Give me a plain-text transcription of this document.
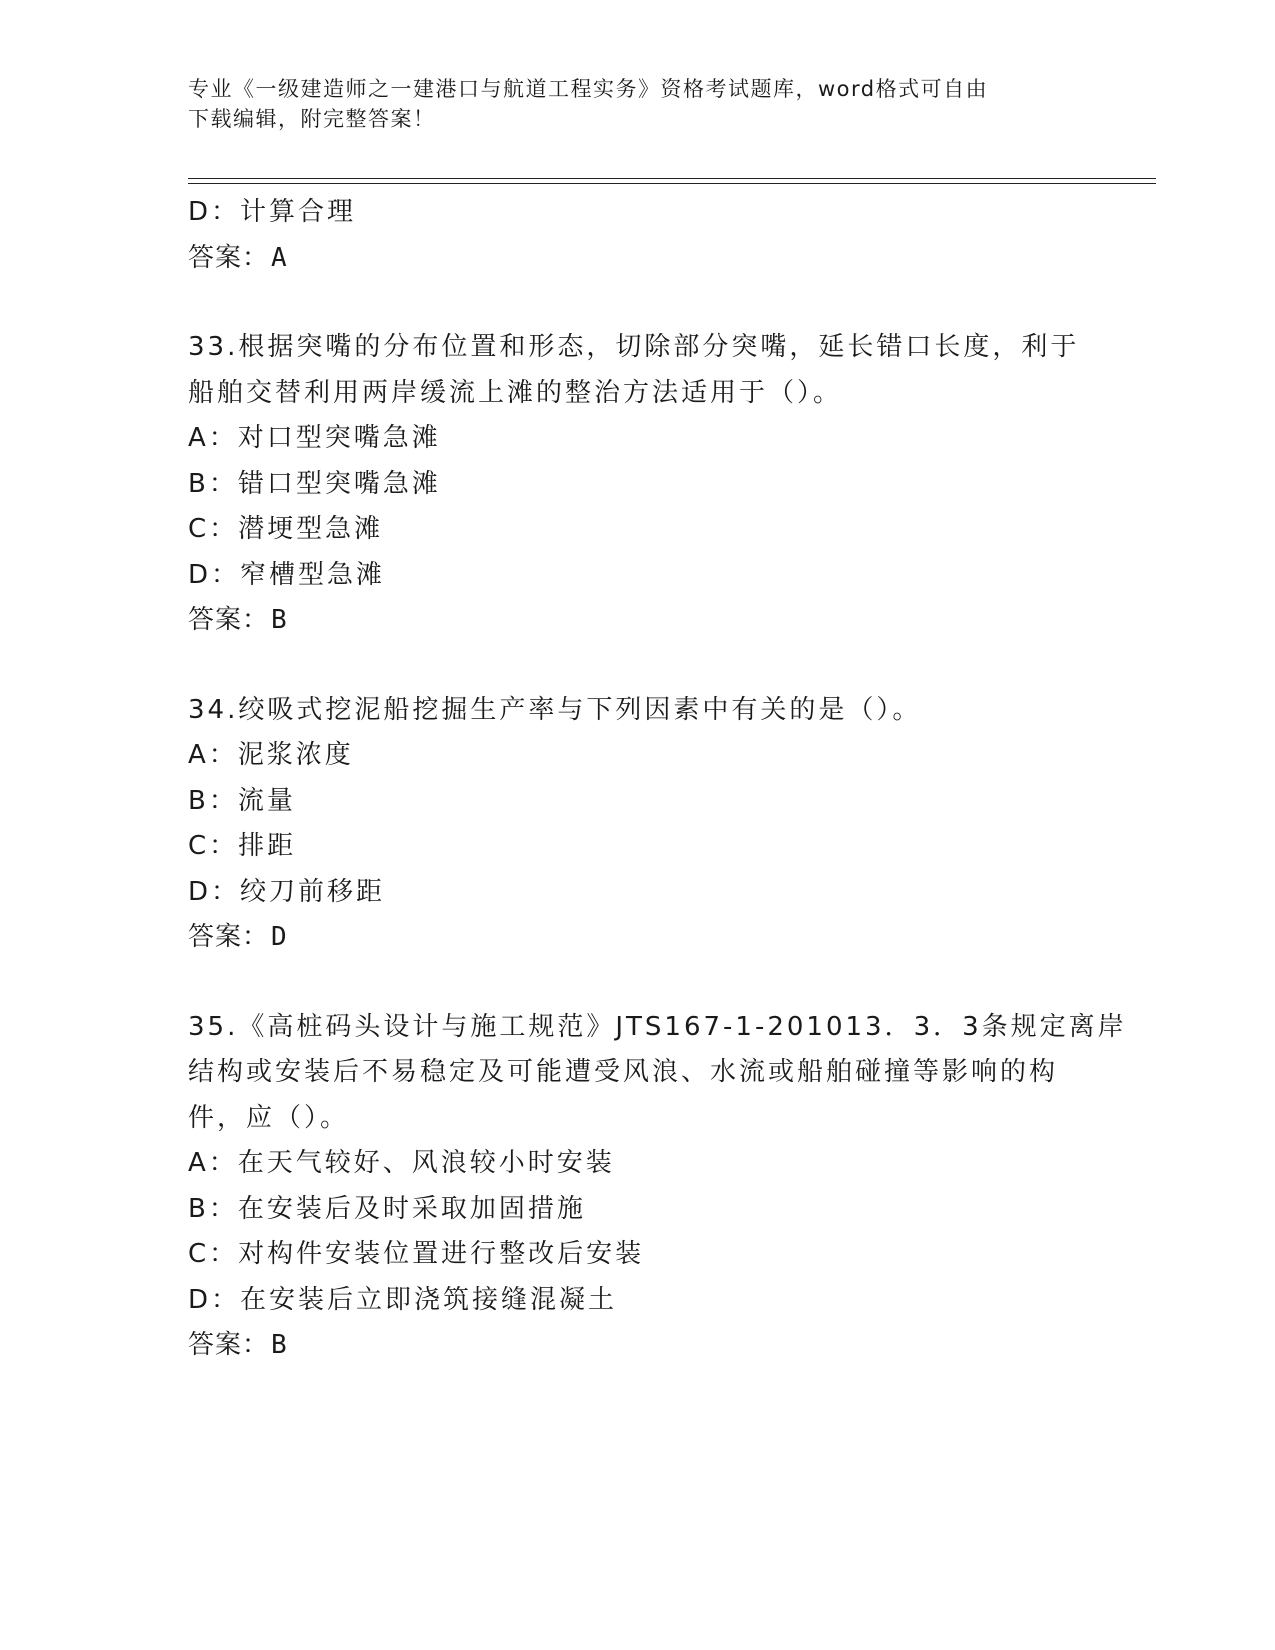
专业《一级建造师之一建港口与航道工程实务》资格考试题库，word格式可自由
下载编辑，附完整答案！
D：计算合理
答案：A
33.根据突嘴的分布位置和形态，切除部分突嘴，延长错口长度，利于
船舶交替利用两岸缓流上滩的整治方法适用于（）。
A：对口型突嘴急滩
B：错口型突嘴急滩
C：潜埂型急滩
D：窄槽型急滩
答案：B
34.绞吸式挖泥船挖掘生产率与下列因素中有关的是（）。
A：泥浆浓度
B：流量
C：排距
D：绞刀前移距
答案：D
35.《高桩码头设计与施工规范》JTS167-1-201013．3．3条规定离岸
结构或安装后不易稳定及可能遭受风浪、水流或船舶碰撞等影响的构
件，应（）。
A：在天气较好、风浪较小时安装
B：在安装后及时采取加固措施
C：对构件安装位置进行整改后安装
D：在安装后立即浇筑接缝混凝土
答案：B
